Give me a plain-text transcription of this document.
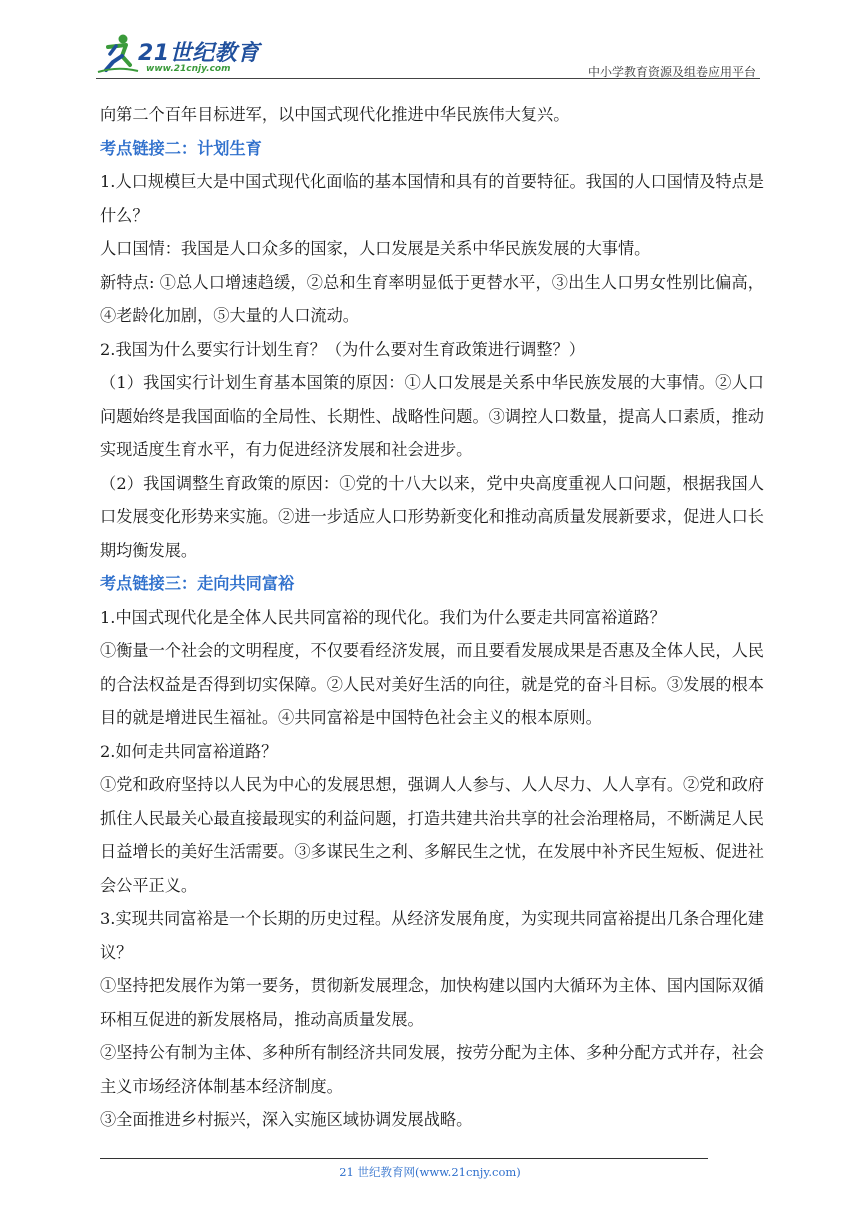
21世纪教育
www.21cnjy.com	中小学教育资源及组卷应用平台

向第二个百年目标进军，以中国式现代化推进中华民族伟大复兴。

考点链接二：计划生育

1.人口规模巨大是中国式现代化面临的基本国情和具有的首要特征。我国的人口国情及特点是什么？

人口国情：我国是人口众多的国家，人口发展是关系中华民族发展的大事情。

新特点: ①总人口增速趋缓，②总和生育率明显低于更替水平，③出生人口男女性别比偏高，④老龄化加剧，⑤大量的人口流动。

2.我国为什么要实行计划生育？（为什么要对生育政策进行调整？）

（1）我国实行计划生育基本国策的原因：①人口发展是关系中华民族发展的大事情。②人口问题始终是我国面临的全局性、长期性、战略性问题。③调控人口数量，提高人口素质，推动实现适度生育水平，有力促进经济发展和社会进步。

（2）我国调整生育政策的原因：①党的十八大以来，党中央高度重视人口问题，根据我国人口发展变化形势来实施。②进一步适应人口形势新变化和推动高质量发展新要求，促进人口长期均衡发展。

考点链接三：走向共同富裕

1.中国式现代化是全体人民共同富裕的现代化。我们为什么要走共同富裕道路？

①衡量一个社会的文明程度，不仅要看经济发展，而且要看发展成果是否惠及全体人民，人民的合法权益是否得到切实保障。②人民对美好生活的向往，就是党的奋斗目标。③发展的根本目的就是增进民生福祉。④共同富裕是中国特色社会主义的根本原则。

2.如何走共同富裕道路？

①党和政府坚持以人民为中心的发展思想，强调人人参与、人人尽力、人人享有。②党和政府抓住人民最关心最直接最现实的利益问题，打造共建共治共享的社会治理格局，不断满足人民日益增长的美好生活需要。③多谋民生之利、多解民生之忧，在发展中补齐民生短板、促进社会公平正义。

3.实现共同富裕是一个长期的历史过程。从经济发展角度，为实现共同富裕提出几条合理化建议？

①坚持把发展作为第一要务，贯彻新发展理念，加快构建以国内大循环为主体、国内国际双循环相互促进的新发展格局，推动高质量发展。

②坚持公有制为主体、多种所有制经济共同发展，按劳分配为主体、多种分配方式并存，社会主义市场经济体制基本经济制度。

③全面推进乡村振兴，深入实施区域协调发展战略。

21 世纪教育网(www.21cnjy.com)
